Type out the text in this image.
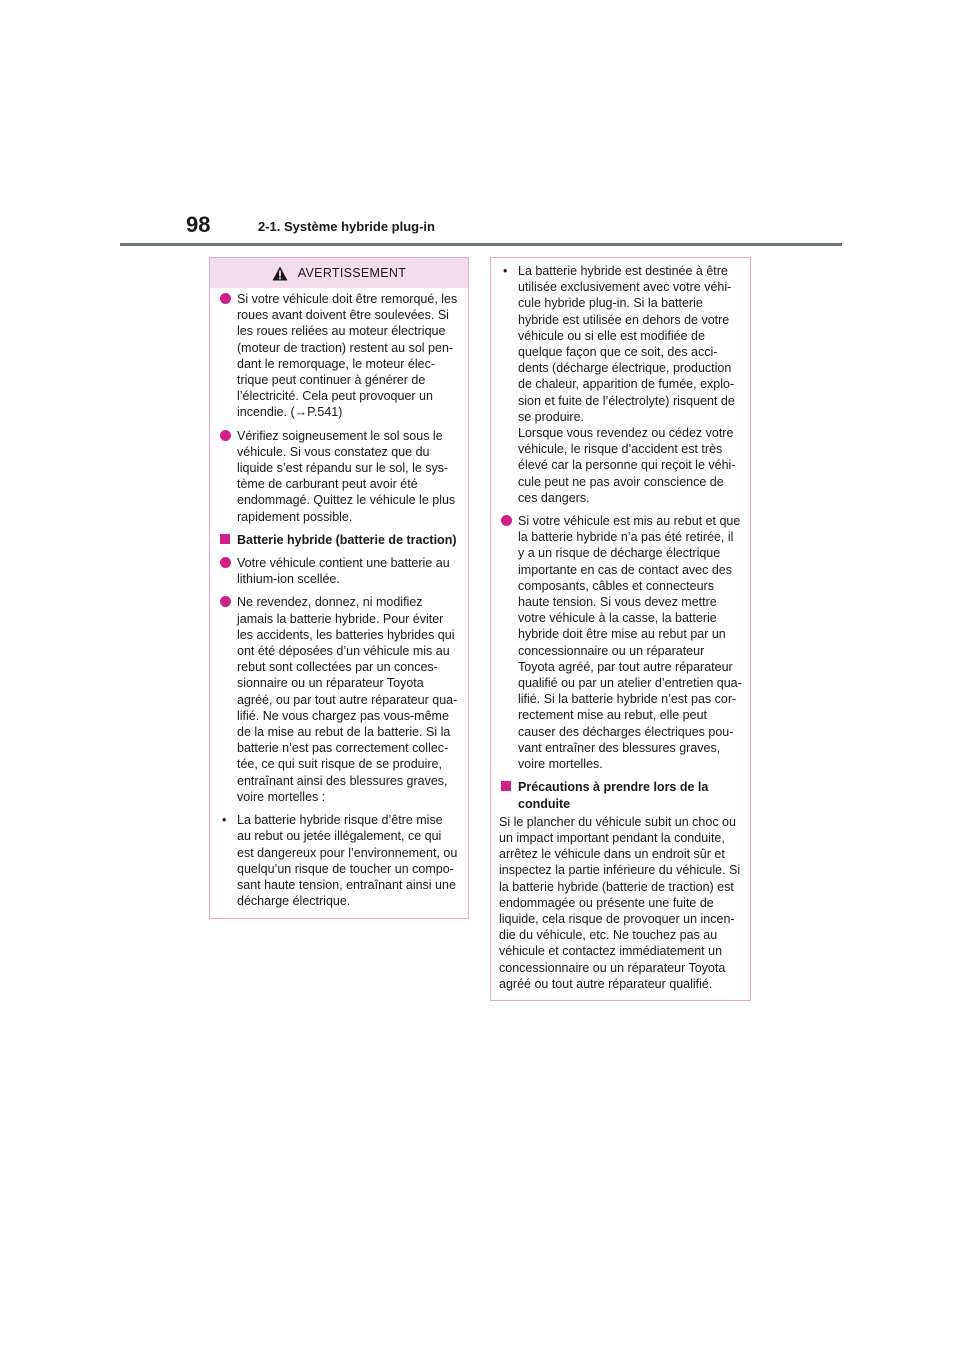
98	2-1. Système hybride plug-in
AVERTISSEMENT
Si votre véhicule doit être remorqué, les roues avant doivent être soulevées. Si les roues reliées au moteur électrique (moteur de traction) restent au sol pen-dant le remorquage, le moteur élec-trique peut continuer à générer de l’électricité. Cela peut provoquer un incendie. (→P.541)
Vérifiez soigneusement le sol sous le véhicule. Si vous constatez que du liquide s’est répandu sur le sol, le sys-tème de carburant peut avoir été endommagé. Quittez le véhicule le plus rapidement possible.
Batterie hybride (batterie de traction)
Votre véhicule contient une batterie au lithium-ion scellée.
Ne revendez, donnez, ni modifiez jamais la batterie hybride. Pour éviter les accidents, les batteries hybrides qui ont été déposées d’un véhicule mis au rebut sont collectées par un conces-sionnaire ou un réparateur Toyota agréé, ou par tout autre réparateur qua-lifié. Ne vous chargez pas vous-même de la mise au rebut de la batterie. Si la batterie n’est pas correctement collec-tée, ce qui suit risque de se produire, entraînant ainsi des blessures graves, voire mortelles :
• La batterie hybride risque d’être mise au rebut ou jetée illégalement, ce qui est dangereux pour l’environnement, ou quelqu’un risque de toucher un compo-sant haute tension, entraînant ainsi une décharge électrique.
• La batterie hybride est destinée à être utilisée exclusivement avec votre véhi-cule hybride plug-in. Si la batterie hybride est utilisée en dehors de votre véhicule ou si elle est modifiée de quelque façon que ce soit, des acci-dents (décharge électrique, production de chaleur, apparition de fumée, explo-sion et fuite de l’électrolyte) risquent de se produire.
Lorsque vous revendez ou cédez votre véhicule, le risque d’accident est très élevé car la personne qui reçoit le véhi-cule peut ne pas avoir conscience de ces dangers.
Si votre véhicule est mis au rebut et que la batterie hybride n’a pas été retirée, il y a un risque de décharge électrique importante en cas de contact avec des composants, câbles et connecteurs haute tension. Si vous devez mettre votre véhicule à la casse, la batterie hybride doit être mise au rebut par un concessionnaire ou un réparateur Toyota agréé, par tout autre réparateur qualifié ou par un atelier d’entretien qua-lifié. Si la batterie hybride n’est pas cor-rectement mise au rebut, elle peut causer des décharges électriques pou-vant entraîner des blessures graves, voire mortelles.
Précautions à prendre lors de la conduite
Si le plancher du véhicule subit un choc ou un impact important pendant la conduite, arrêtez le véhicule dans un endroit sûr et inspectez la partie inférieure du véhicule. Si la batterie hybride (batterie de traction) est endommagée ou présente une fuite de liquide, cela risque de provoquer un incen-die du véhicule, etc. Ne touchez pas au véhicule et contactez immédiatement un concessionnaire ou un réparateur Toyota agréé ou tout autre réparateur qualifié.
